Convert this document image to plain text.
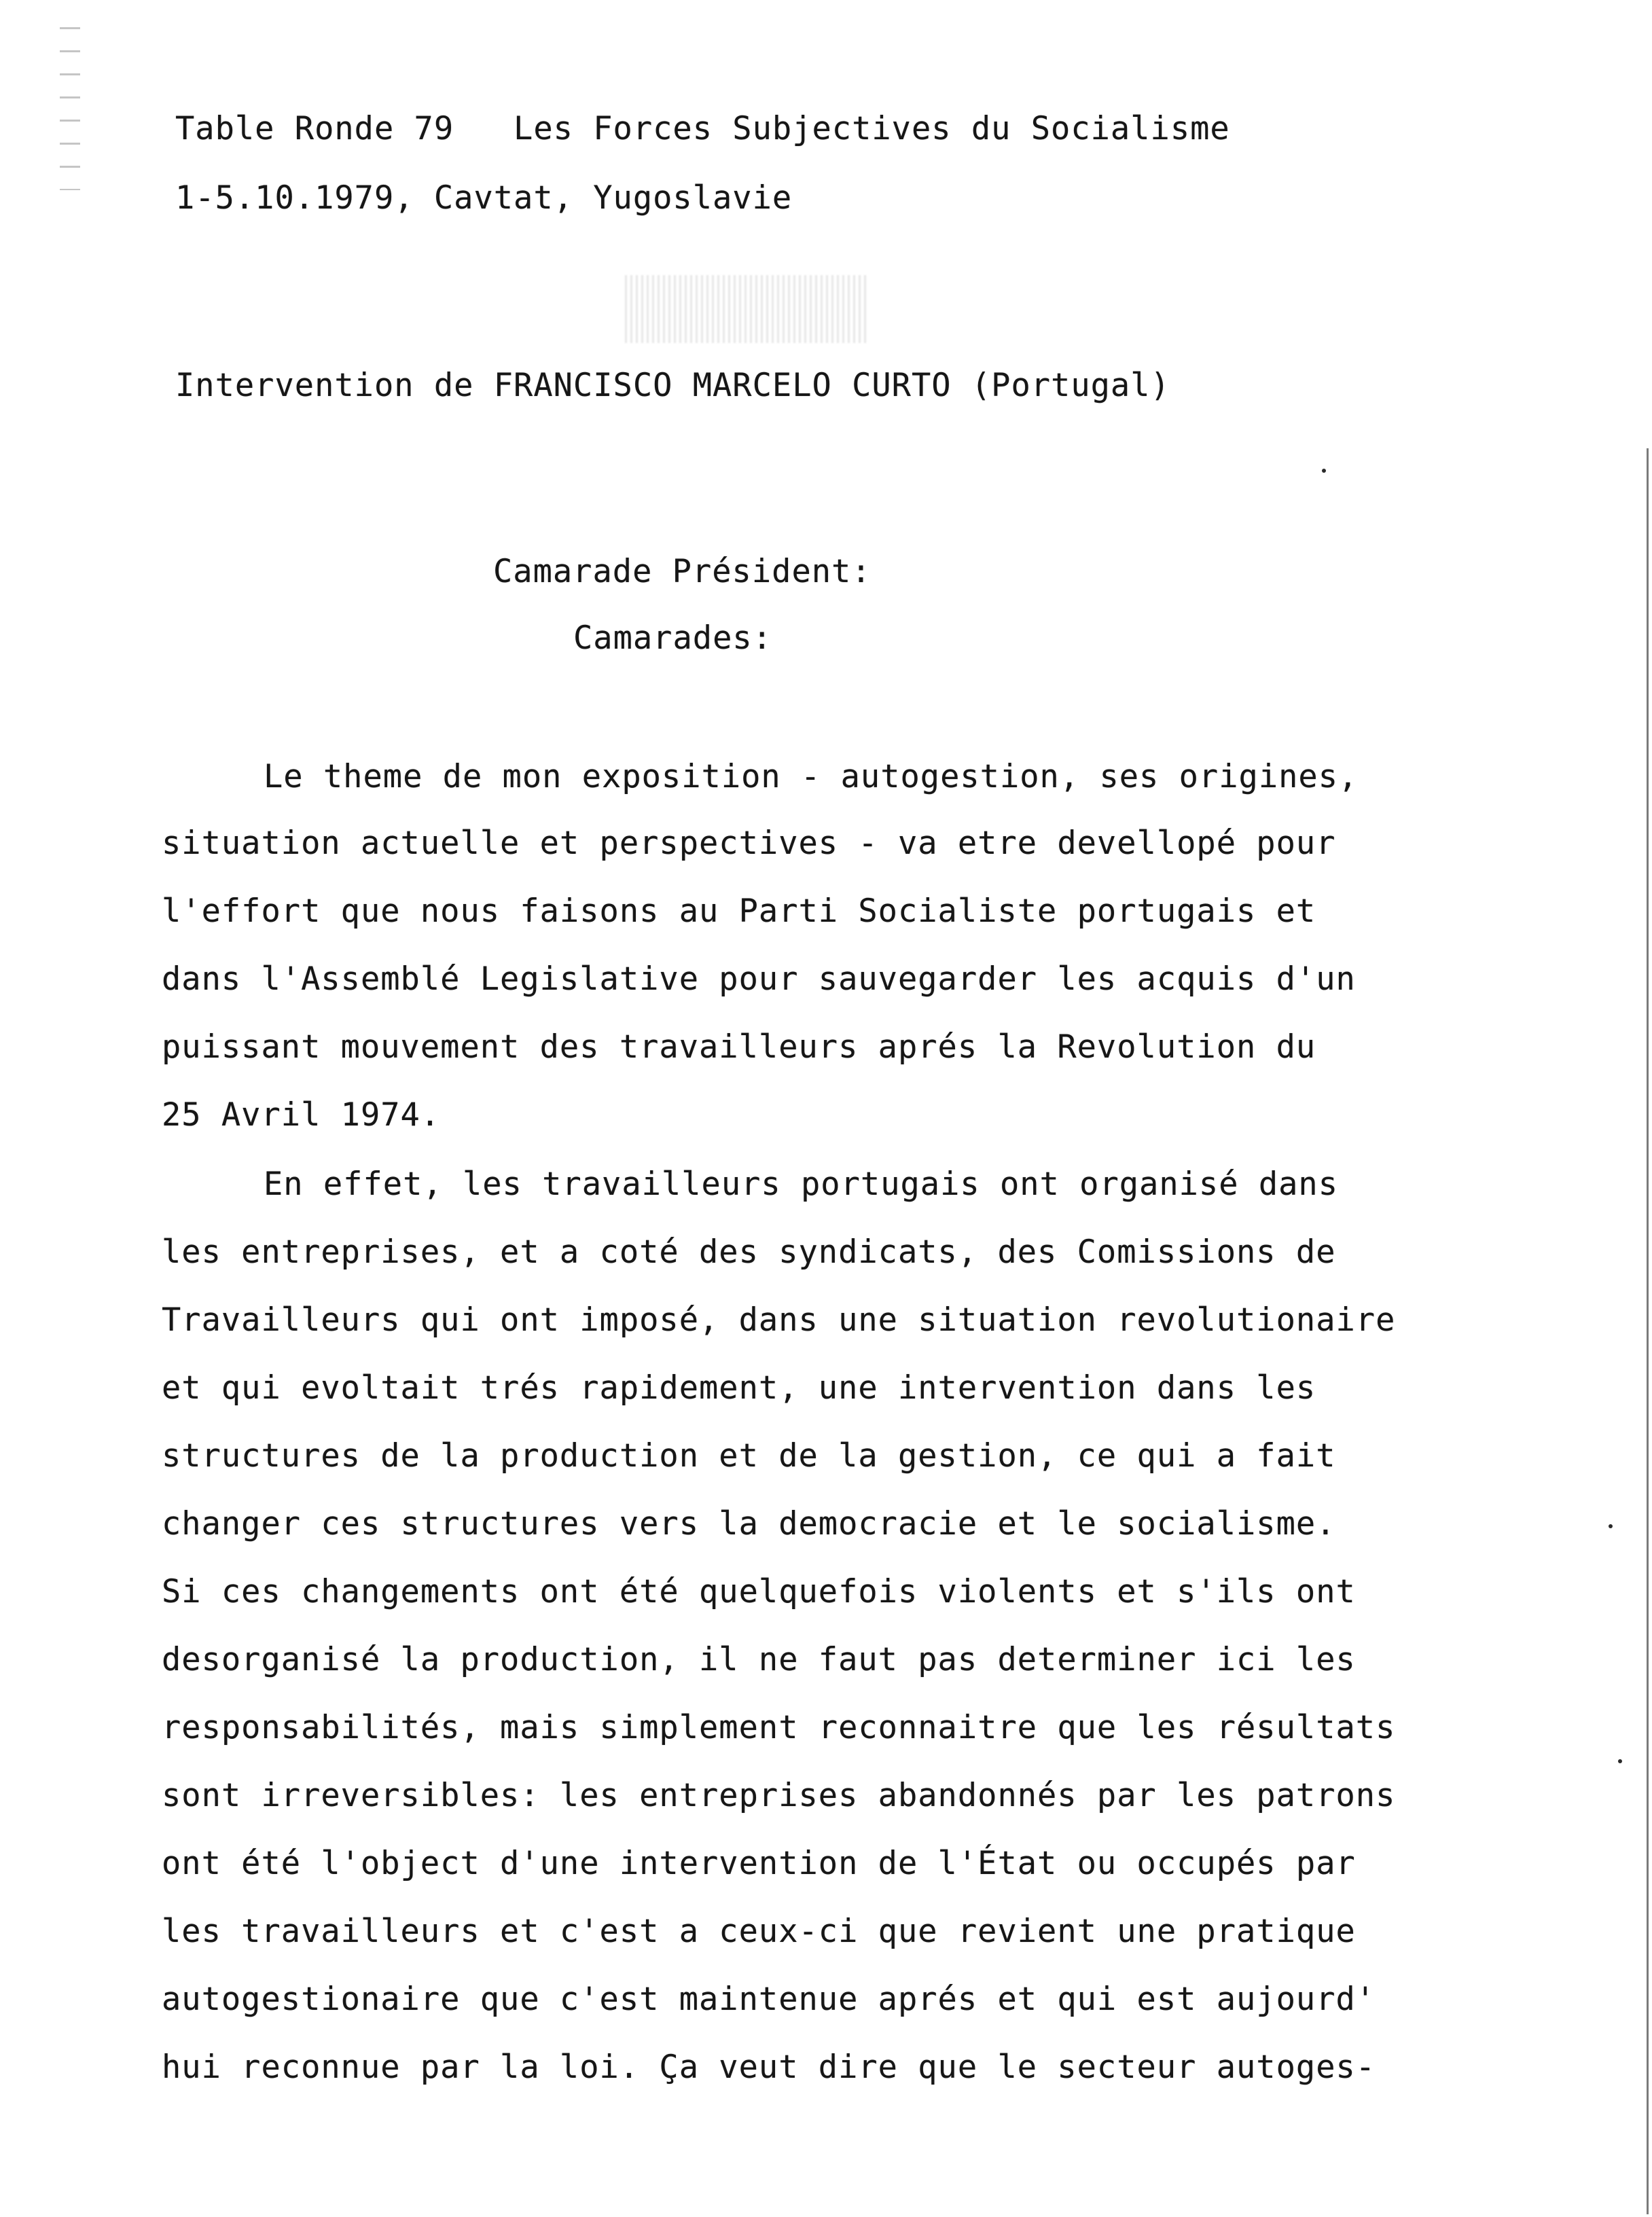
Table Ronde 79   Les Forces Subjectives du Socialisme
1-5.10.1979, Cavtat, Yugoslavie
Intervention de FRANCISCO MARCELO CURTO (Portugal)
Camarade Président:
Camarades:
Le theme de mon exposition - autogestion, ses origines,
situation actuelle et perspectives - va etre devellopé pour
l'effort que nous faisons au Parti Socialiste portugais et
dans l'Assemblé Legislative pour sauvegarder les acquis d'un
puissant mouvement des travailleurs aprés la Revolution du
25 Avril 1974.
En effet, les travailleurs portugais ont organisé dans
les entreprises, et a coté des syndicats, des Comissions de
Travailleurs qui ont imposé, dans une situation revolutionaire
et qui evoltait trés rapidement, une intervention dans les
structures de la production et de la gestion, ce qui a fait
changer ces structures vers la democracie et le socialisme.
Si ces changements ont été quelquefois violents et s'ils ont
desorganisé la production, il ne faut pas determiner ici les
responsabilités, mais simplement reconnaitre que les résultats
sont irreversibles: les entreprises abandonnés par les patrons
ont été l'object d'une intervention de l'État ou occupés par
les travailleurs et c'est a ceux-ci que revient une pratique
autogestionaire que c'est maintenue aprés et qui est aujourd'
hui reconnue par la loi. Ça veut dire que le secteur autoges-
